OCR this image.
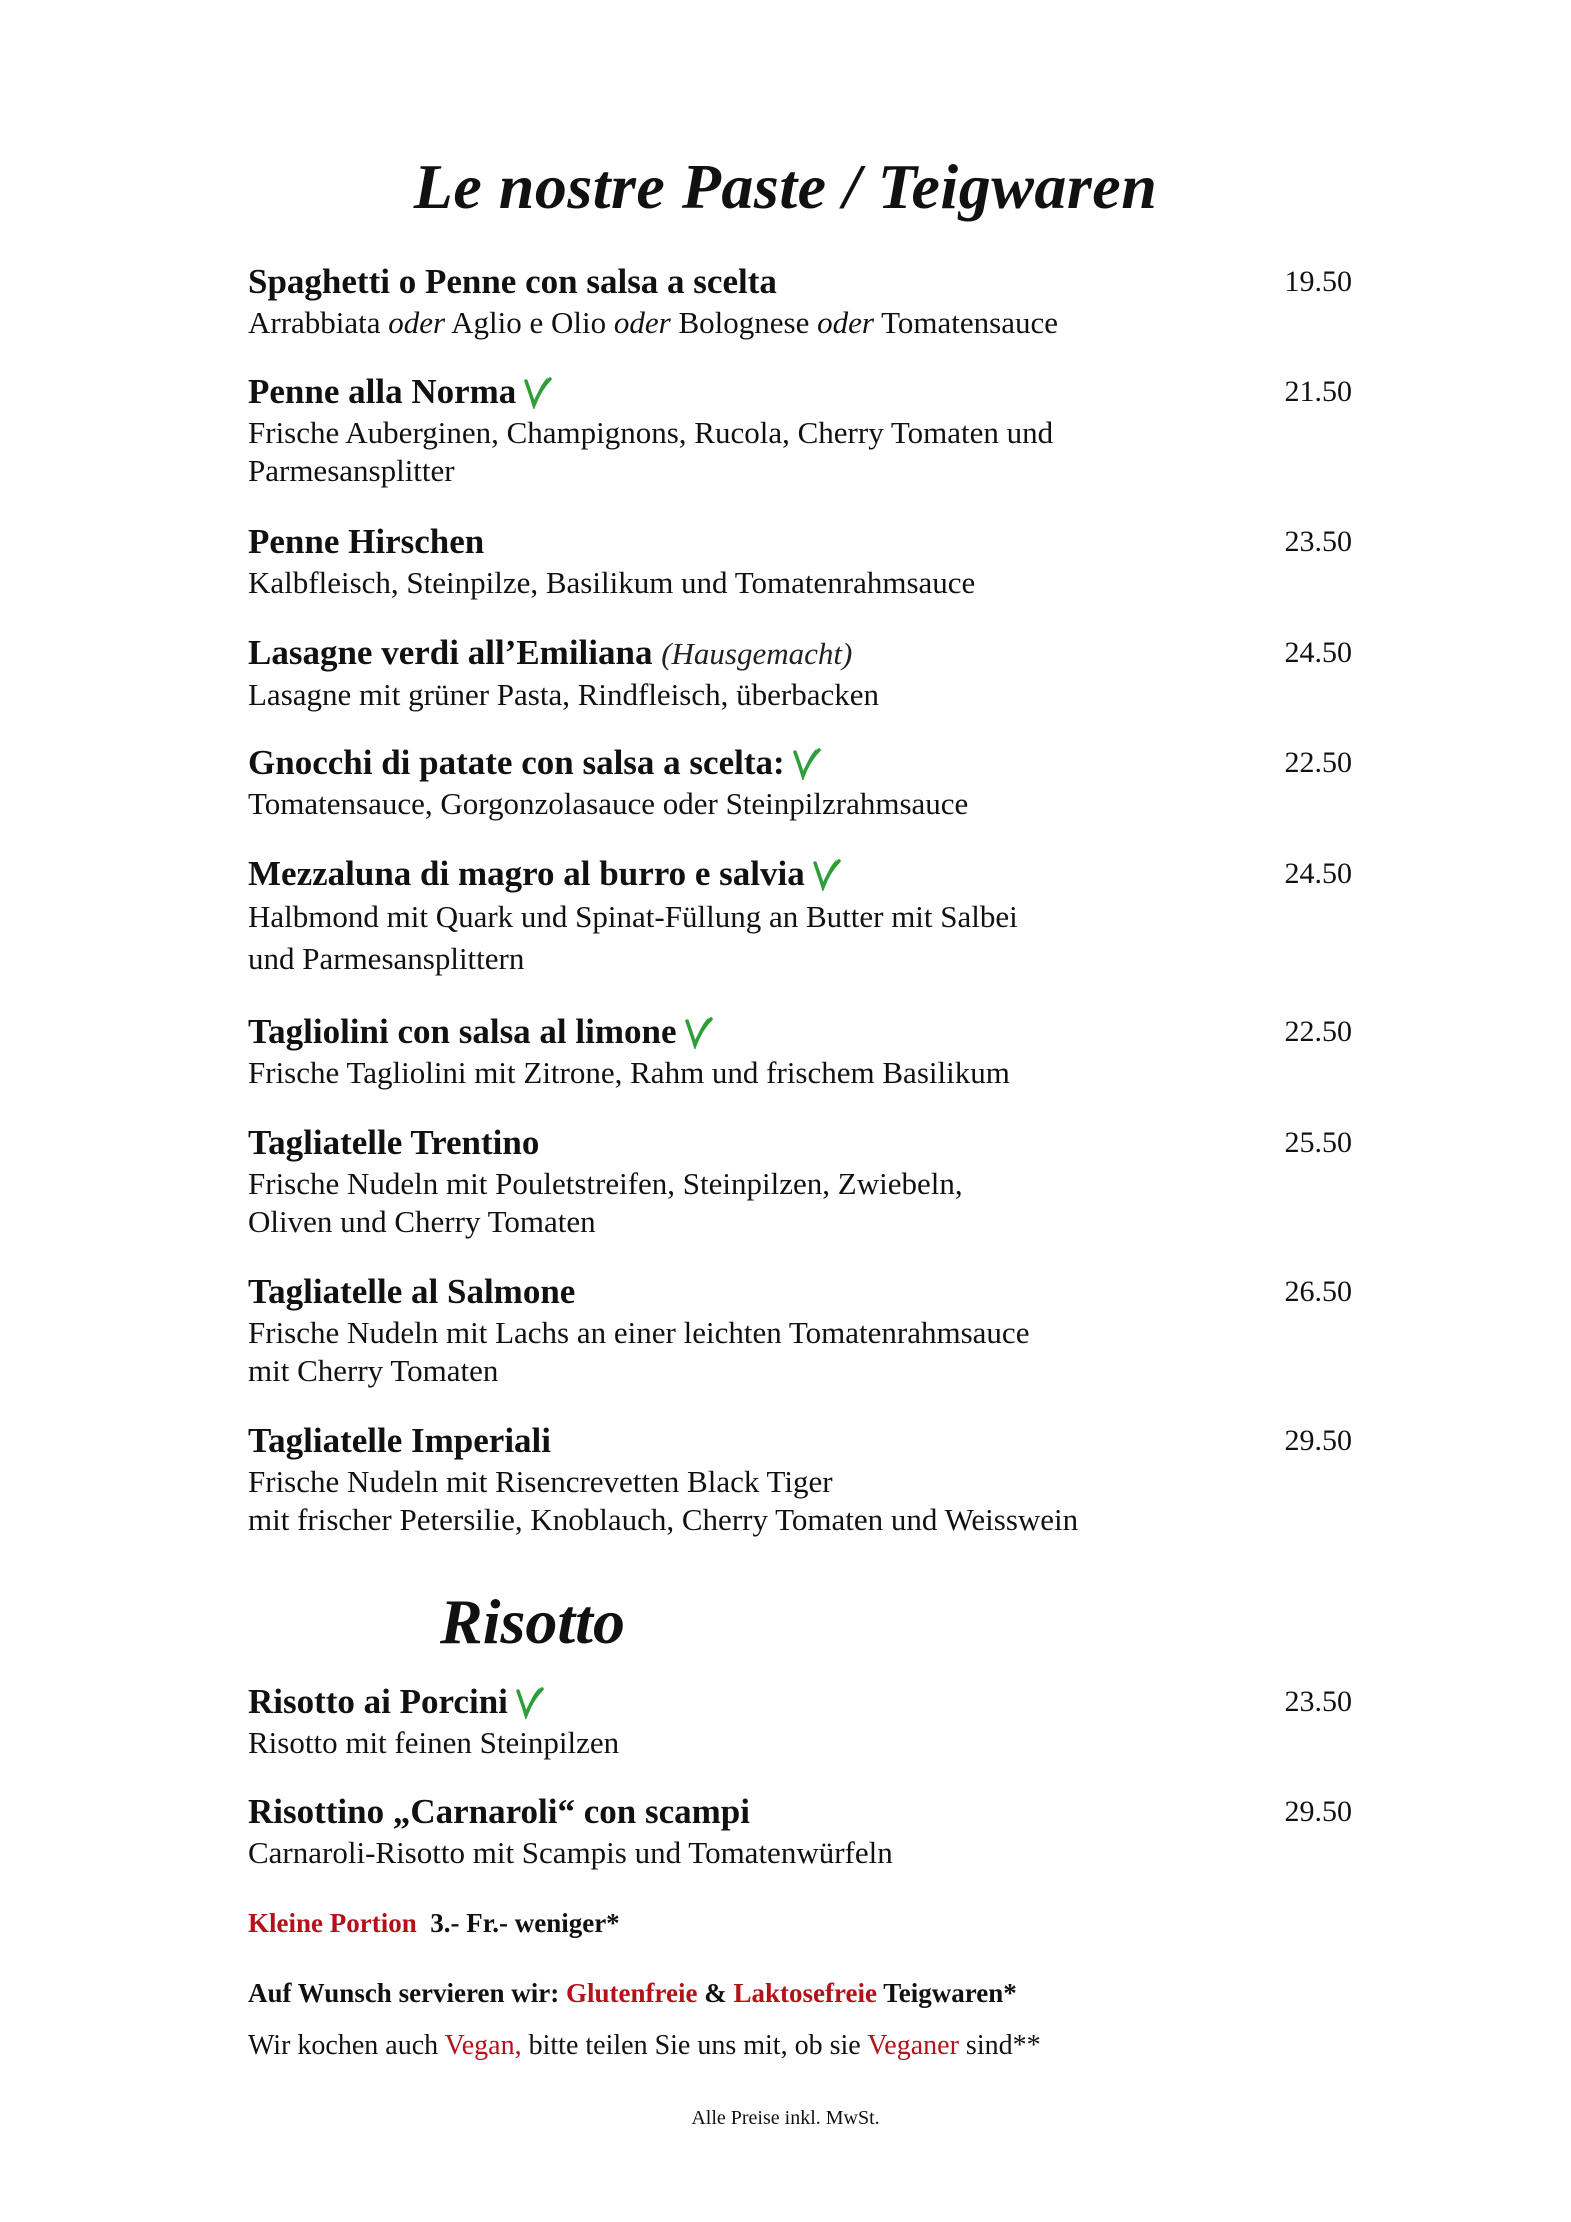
Le nostre Paste / Teigwaren
Spaghetti o Penne con salsa a scelta	19.50
Arrabbiata oder Aglio e Olio oder Bolognese oder Tomatensauce
Penne alla Norma	21.50
Frische Auberginen, Champignons, Rucola, Cherry Tomaten und
Parmesansplitter
Penne Hirschen	23.50
Kalbfleisch, Steinpilze, Basilikum und Tomatenrahmsauce
Lasagne verdi all’Emiliana (Hausgemacht)	24.50
Lasagne mit grüner Pasta, Rindfleisch, überbacken
Gnocchi di patate con salsa a scelta:	22.50
Tomatensauce, Gorgonzolasauce oder Steinpilzrahmsauce
Mezzaluna di magro al burro e salvia	24.50
Halbmond mit Quark und Spinat-Füllung an Butter mit Salbei
und Parmesansplittern
Tagliolini con salsa al limone	22.50
Frische Tagliolini mit Zitrone, Rahm und frischem Basilikum
Tagliatelle Trentino	25.50
Frische Nudeln mit Pouletstreifen, Steinpilzen, Zwiebeln,
Oliven und Cherry Tomaten
Tagliatelle al Salmone	26.50
Frische Nudeln mit Lachs an einer leichten Tomatenrahmsauce
mit Cherry Tomaten
Tagliatelle Imperiali	29.50
Frische Nudeln mit Risencrevetten Black Tiger
mit frischer Petersilie, Knoblauch, Cherry Tomaten und Weisswein
Risotto
Risotto ai Porcini	23.50
Risotto mit feinen Steinpilzen
Risottino „Carnaroli“ con scampi	29.50
Carnaroli-Risotto mit Scampis und Tomatenwürfeln
Kleine Portion 3.- Fr.- weniger*
Auf Wunsch servieren wir: Glutenfreie & Laktosefreie Teigwaren*
Wir kochen auch Vegan, bitte teilen Sie uns mit, ob sie Veganer sind**
Alle Preise inkl. MwSt.
